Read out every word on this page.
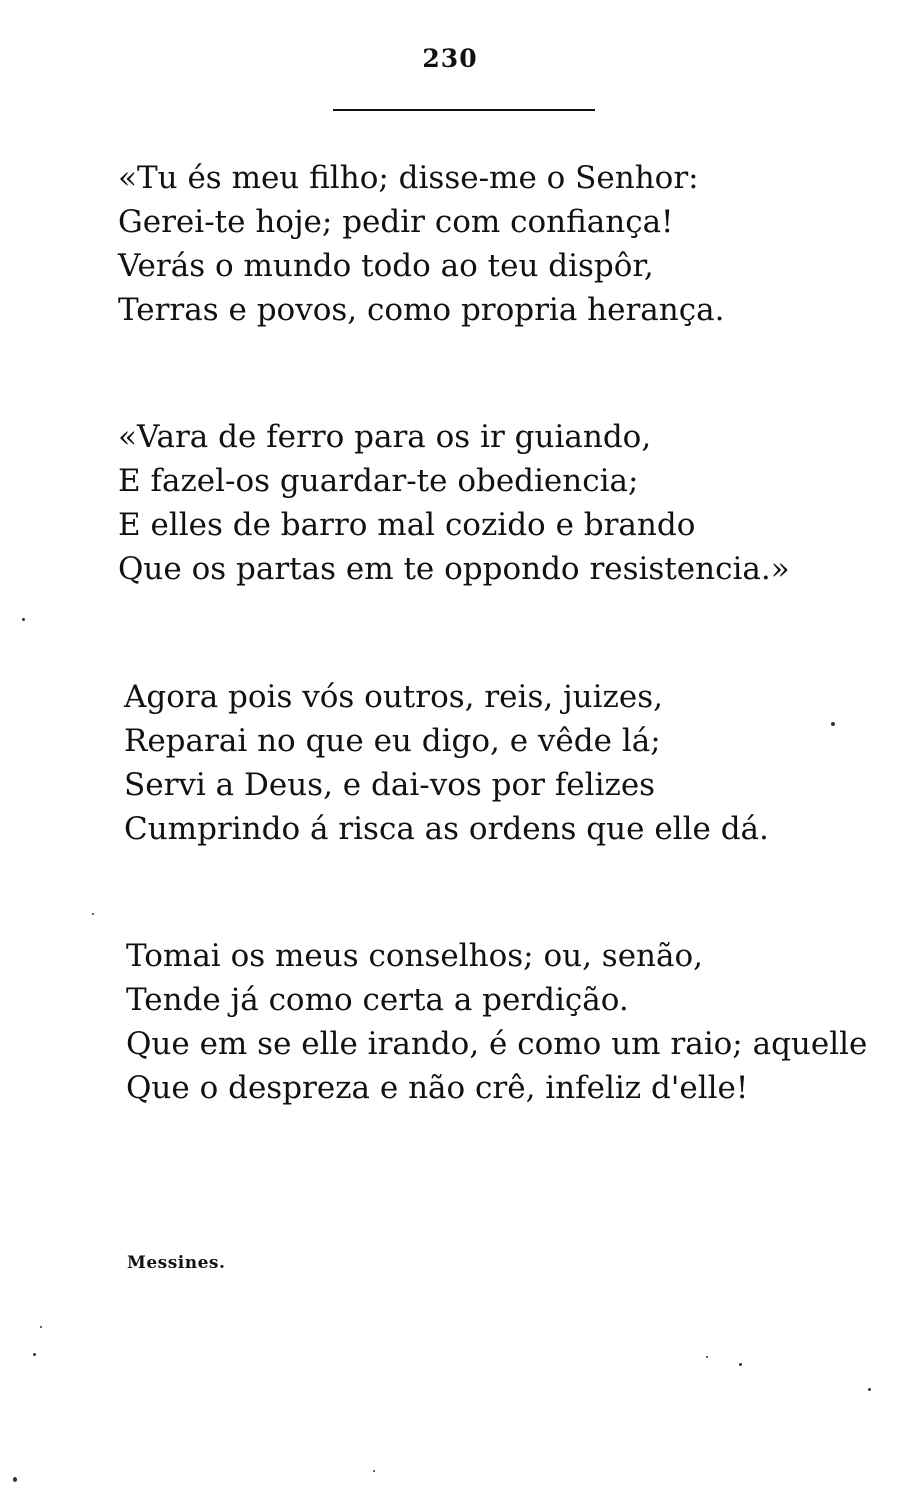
230
«Tu és meu filho; disse-me o Senhor:
Gerei-te hoje; pedir com confiança!
Verás o mundo todo ao teu dispôr,
Terras e povos, como propria herança.
«Vara de ferro para os ir guiando,
E fazel-os guardar-te obediencia;
E elles de barro mal cozido e brando
Que os partas em te oppondo resistencia.»
Agora pois vós outros, reis, juizes,
Reparai no que eu digo, e vêde lá;
Servi a Deus, e dai-vos por felizes
Cumprindo á risca as ordens que elle dá.
Tomai os meus conselhos; ou, senão,
Tende já como certa a perdição.
Que em se elle irando, é como um raio; aquelle
Que o despreza e não crê, infeliz d'elle!
Messines.
